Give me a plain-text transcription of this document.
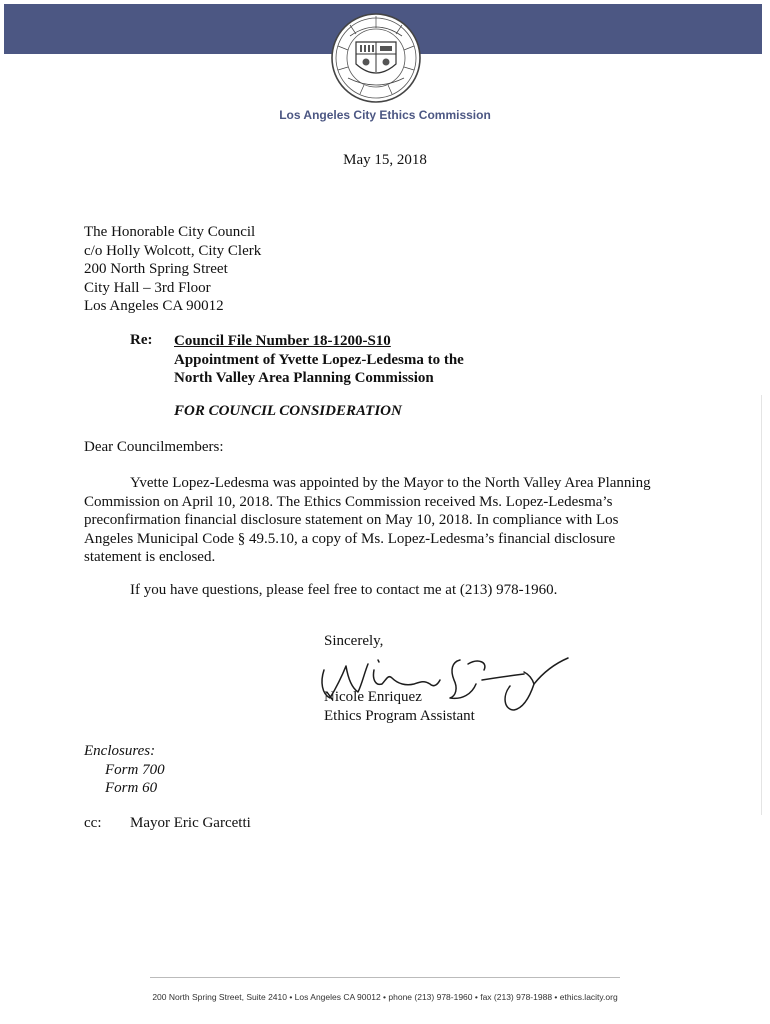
Los Angeles City Ethics Commission
May 15, 2018
The Honorable City Council
c/o Holly Wolcott, City Clerk
200 North Spring Street
City Hall – 3rd Floor
Los Angeles CA 90012
Re: Council File Number 18-1200-S10
Appointment of Yvette Lopez-Ledesma to the
North Valley Area Planning Commission
FOR COUNCIL CONSIDERATION
Dear Councilmembers:
Yvette Lopez-Ledesma was appointed by the Mayor to the North Valley Area Planning
Commission on April 10, 2018. The Ethics Commission received Ms. Lopez-Ledesma’s
preconfirmation financial disclosure statement on May 10, 2018. In compliance with Los
Angeles Municipal Code § 49.5.10, a copy of Ms. Lopez-Ledesma’s financial disclosure
statement is enclosed.
If you have questions, please feel free to contact me at (213) 978-1960.
Sincerely,
Nicole Enriquez
Ethics Program Assistant
Enclosures:
Form 700
Form 60
cc: Mayor Eric Garcetti
200 North Spring Street, Suite 2410 • Los Angeles CA 90012 • phone (213) 978-1960 • fax (213) 978-1988 • ethics.lacity.org
